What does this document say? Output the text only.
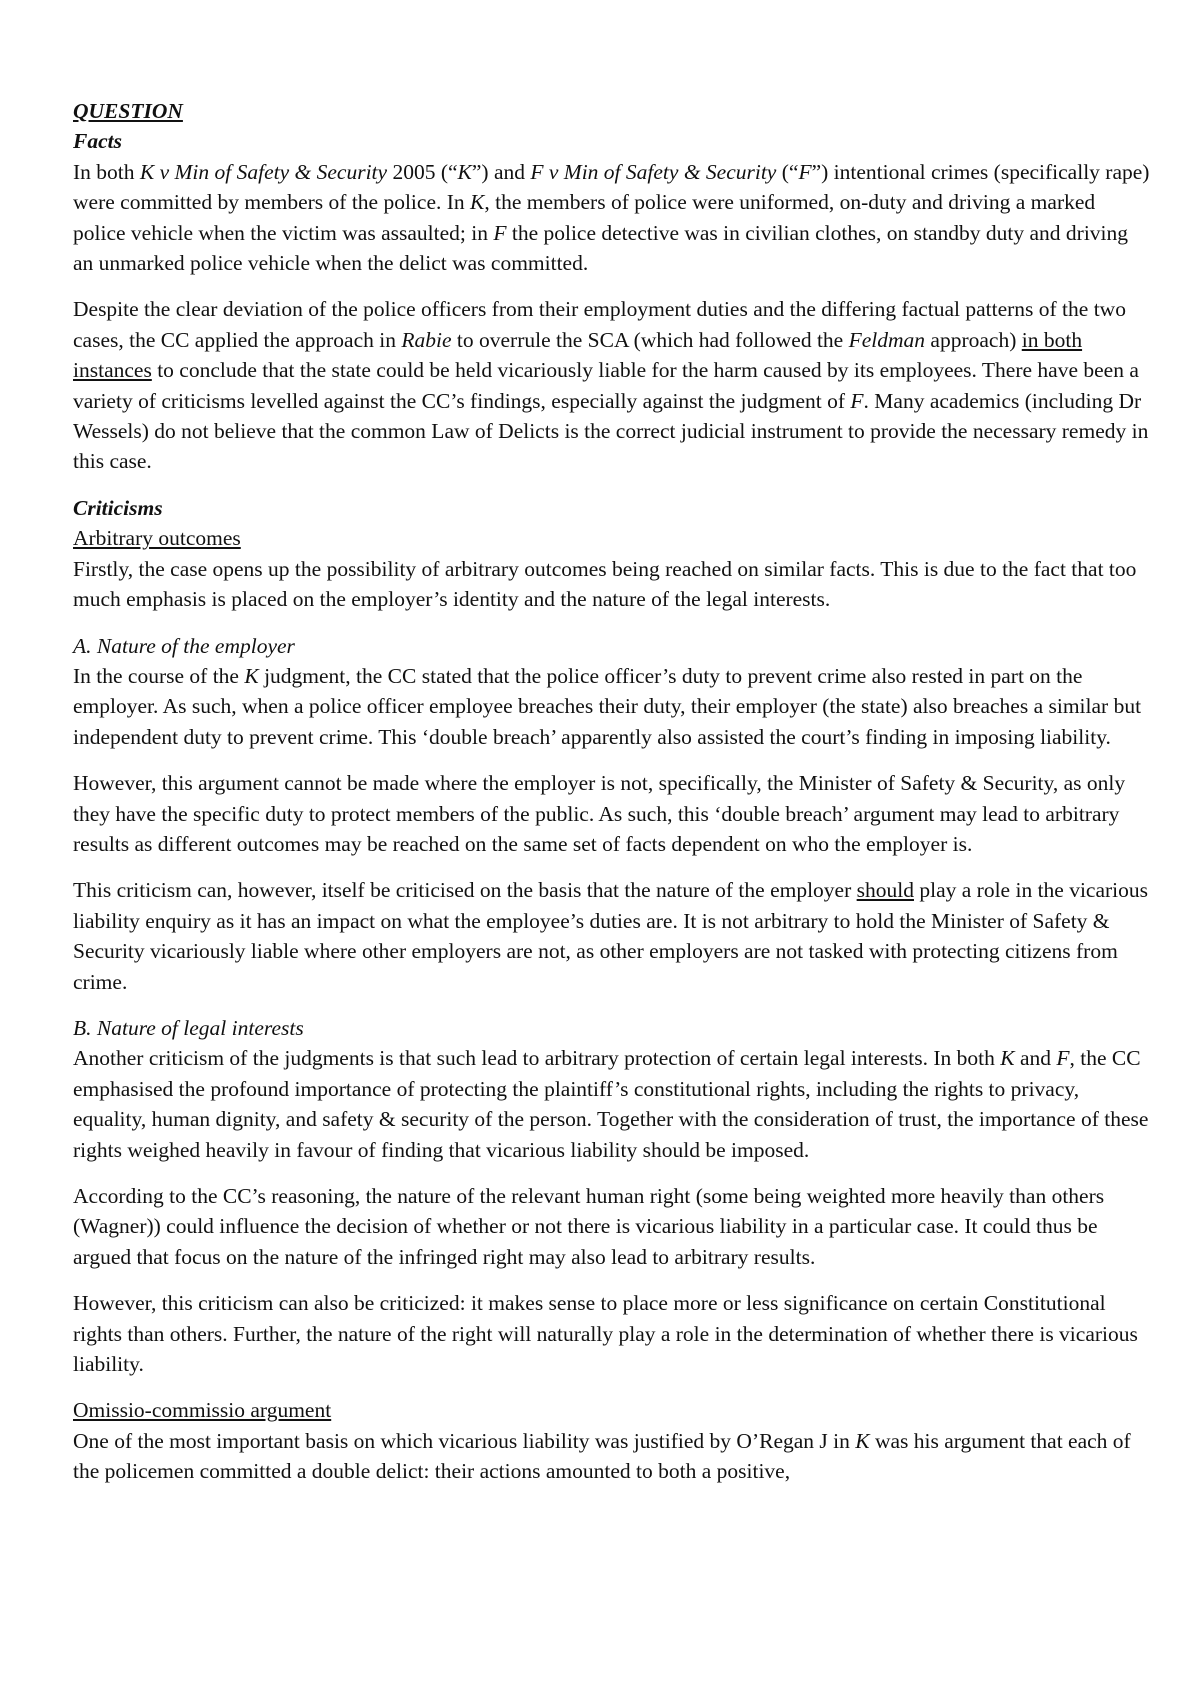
QUESTION
Facts

In both K v Min of Safety & Security 2005 (“K”) and F v Min of Safety & Security (“F”) intentional crimes (specifically rape) were committed by members of the police. In K, the members of police were uniformed, on-duty and driving a marked police vehicle when the victim was assaulted; in F the police detective was in civilian clothes, on standby duty and driving an unmarked police vehicle when the delict was committed.

Despite the clear deviation of the police officers from their employment duties and the differing factual patterns of the two cases, the CC applied the approach in Rabie to overrule the SCA (which had followed the Feldman approach) in both instances to conclude that the state could be held vicariously liable for the harm caused by its employees. There have been a variety of criticisms levelled against the CC’s findings, especially against the judgment of F. Many academics (including Dr Wessels) do not believe that the common Law of Delicts is the correct judicial instrument to provide the necessary remedy in this case.

Criticisms
Arbitrary outcomes

Firstly, the case opens up the possibility of arbitrary outcomes being reached on similar facts. This is due to the fact that too much emphasis is placed on the employer’s identity and the nature of the legal interests.

A. Nature of the employer

In the course of the K judgment, the CC stated that the police officer’s duty to prevent crime also rested in part on the employer. As such, when a police officer employee breaches their duty, their employer (the state) also breaches a similar but independent duty to prevent crime. This ‘double breach’ apparently also assisted the court’s finding in imposing liability.

However, this argument cannot be made where the employer is not, specifically, the Minister of Safety & Security, as only they have the specific duty to protect members of the public. As such, this ‘double breach’ argument may lead to arbitrary results as different outcomes may be reached on the same set of facts dependent on who the employer is.

This criticism can, however, itself be criticised on the basis that the nature of the employer should play a role in the vicarious liability enquiry as it has an impact on what the employee’s duties are. It is not arbitrary to hold the Minister of Safety & Security vicariously liable where other employers are not, as other employers are not tasked with protecting citizens from crime.

B. Nature of legal interests

Another criticism of the judgments is that such lead to arbitrary protection of certain legal interests. In both K and F, the CC emphasised the profound importance of protecting the plaintiff’s constitutional rights, including the rights to privacy, equality, human dignity, and safety & security of the person. Together with the consideration of trust, the importance of these rights weighed heavily in favour of finding that vicarious liability should be imposed.

According to the CC’s reasoning, the nature of the relevant human right (some being weighted more heavily than others (Wagner)) could influence the decision of whether or not there is vicarious liability in a particular case. It could thus be argued that focus on the nature of the infringed right may also lead to arbitrary results.

However, this criticism can also be criticized: it makes sense to place more or less significance on certain Constitutional rights than others. Further, the nature of the right will naturally play a role in the determination of whether there is vicarious liability.

Omissio-commissio argument

One of the most important basis on which vicarious liability was justified by O’Regan J in K was his argument that each of the policemen committed a double delict: their actions amounted to both a positive,
